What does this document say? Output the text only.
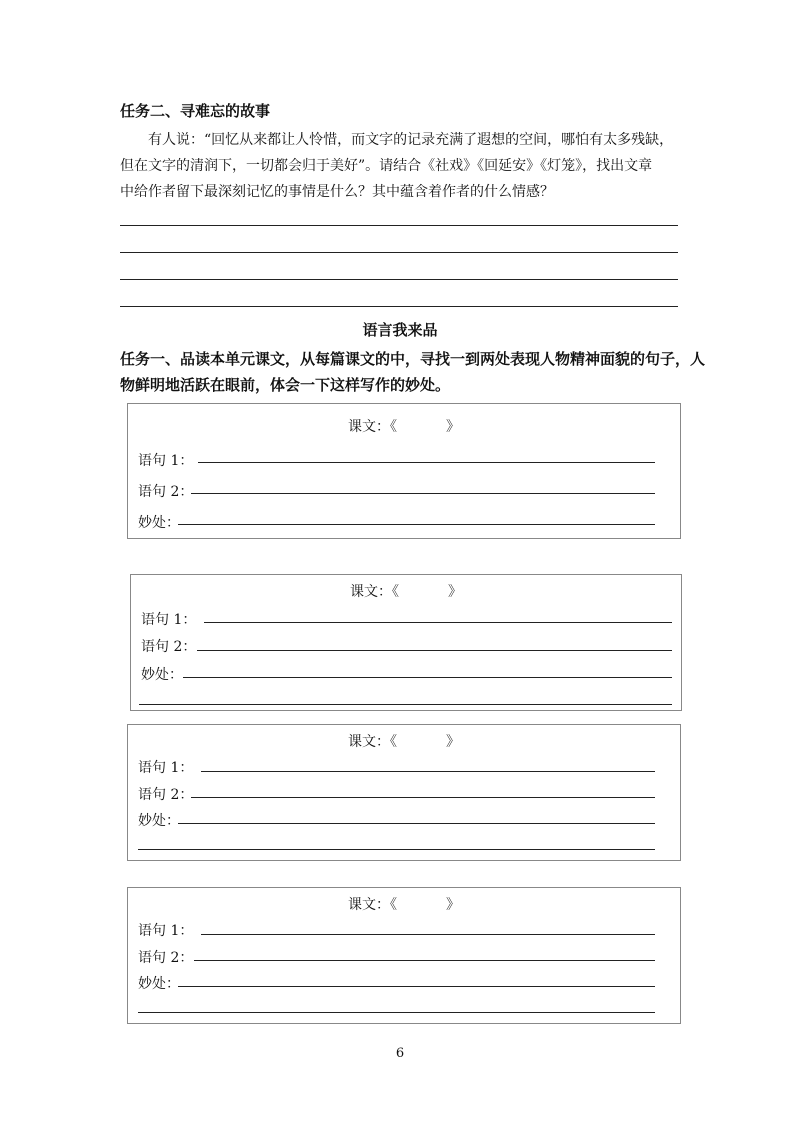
任务二、寻难忘的故事

有人说：“回忆从来都让人怜惜，而文字的记录充满了遐想的空间，哪怕有太多残缺，

但在文字的清润下，一切都会归于美好”。请结合《社戏》《回延安》《灯笼》，找出文章

中给作者留下最深刻记忆的事情是什么？其中蕴含着作者的什么情感？

语言我来品

任务一、品读本单元课文，从每篇课文的中，寻找一到两处表现人物精神面貌的句子，人

物鲜明地活跃在眼前，体会一下这样写作的妙处。

课文：《           》
语句 1：
语句 2：
妙处：
课文：《           》
语句 1：
语句 2：
妙处：
课文：《           》
语句 1：
语句 2：
妙处：
课文：《           》
语句 1：
语句 2：
妙处：
6
